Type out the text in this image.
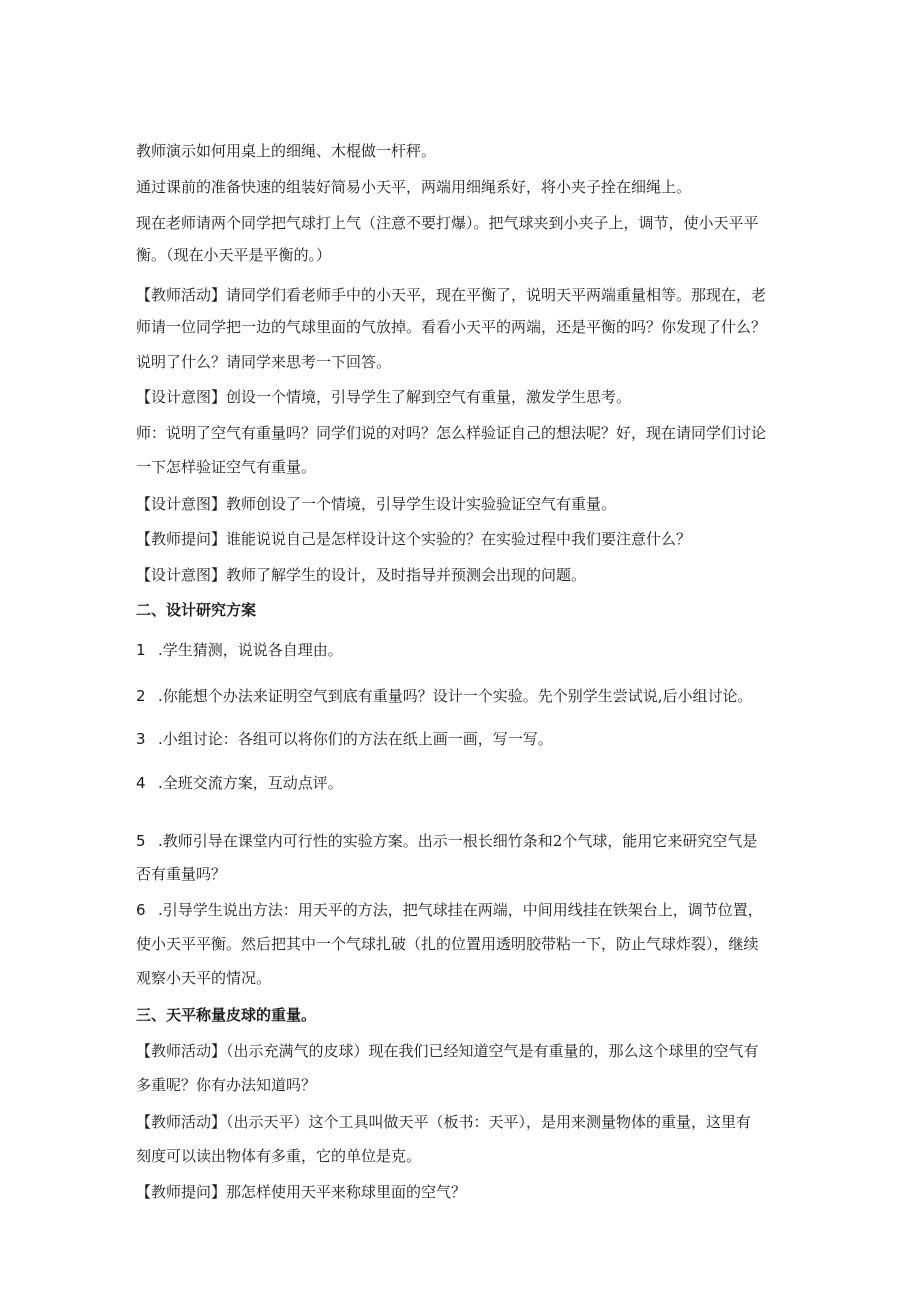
教师演示如何用桌上的细绳、木棍做一杆秤。
通过课前的准备快速的组装好简易小天平，两端用细绳系好，将小夹子拴在细绳上。
现在老师请两个同学把气球打上气（注意不要打爆）。把气球夹到小夹子上，调节，使小天平平
衡。（现在小天平是平衡的。）
【教师活动】请同学们看老师手中的小天平，现在平衡了，说明天平两端重量相等。那现在，老
师请一位同学把一边的气球里面的气放掉。看看小天平的两端，还是平衡的吗？你发现了什么？
说明了什么？请同学来思考一下回答。
【设计意图】创设一个情境，引导学生了解到空气有重量，激发学生思考。
师：说明了空气有重量吗？同学们说的对吗？怎么样验证自己的想法呢？好，现在请同学们讨论
一下怎样验证空气有重量。
【设计意图】教师创设了一个情境，引导学生设计实验验证空气有重量。
【教师提问】谁能说说自己是怎样设计这个实验的？在实验过程中我们要注意什么？
【设计意图】教师了解学生的设计，及时指导并预测会出现的问题。
二、设计研究方案
1 .学生猜测，说说各自理由。
2 .你能想个办法来证明空气到底有重量吗？设计一个实验。先个别学生尝试说,后小组讨论。
3 .小组讨论：各组可以将你们的方法在纸上画一画，写一写。
4 .全班交流方案，互动点评。
5 .教师引导在课堂内可行性的实验方案。出示一根长细竹条和2个气球，能用它来研究空气是
否有重量吗？
6 .引导学生说出方法：用天平的方法，把气球挂在两端，中间用线挂在铁架台上，调节位置，
使小天平平衡。然后把其中一个气球扎破（扎的位置用透明胶带粘一下，防止气球炸裂），继续
观察小天平的情况。
三、天平称量皮球的重量。
【教师活动】（出示充满气的皮球）现在我们已经知道空气是有重量的，那么这个球里的空气有
多重呢？你有办法知道吗？
【教师活动】（出示天平）这个工具叫做天平（板书：天平），是用来测量物体的重量，这里有
刻度可以读出物体有多重，它的单位是克。
【教师提问】那怎样使用天平来称球里面的空气？
